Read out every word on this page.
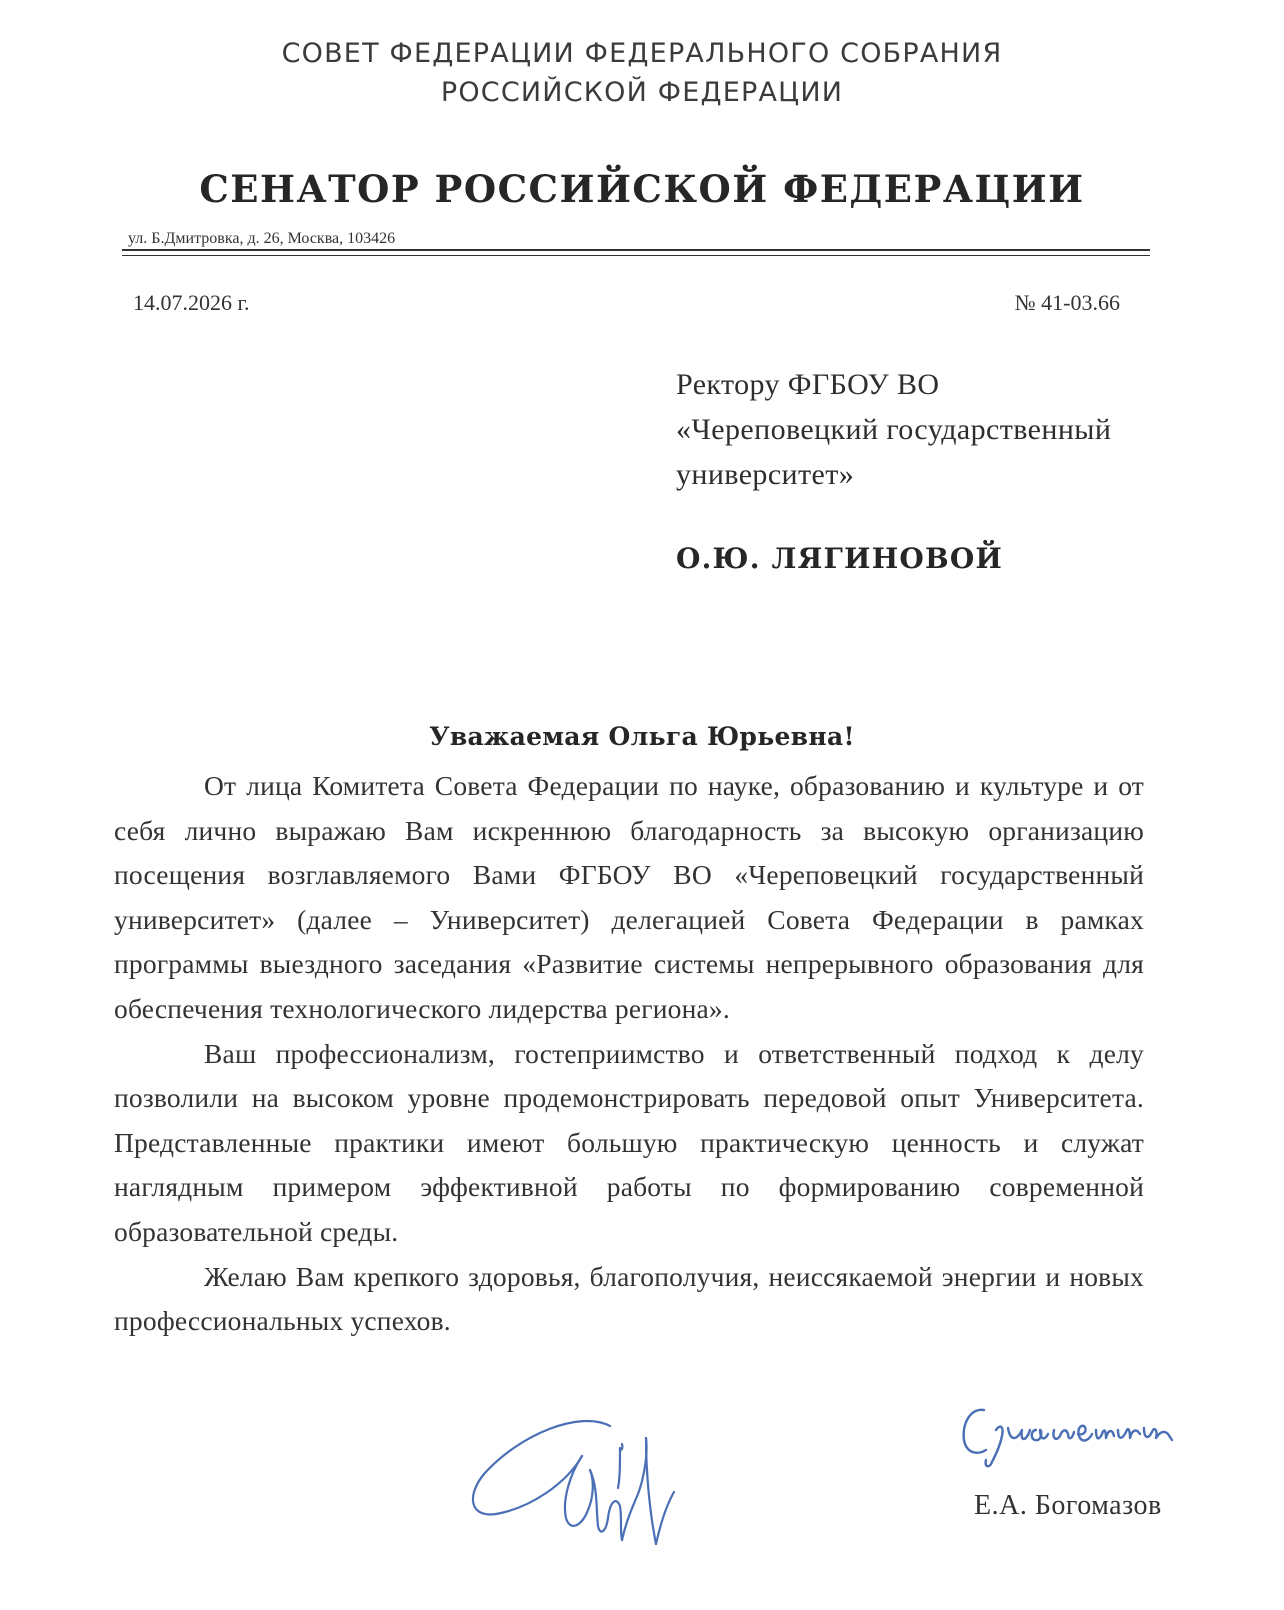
СОВЕТ ФЕДЕРАЦИИ ФЕДЕРАЛЬНОГО СОБРАНИЯ
РОССИЙСКОЙ ФЕДЕРАЦИИ
СЕНАТОР РОССИЙСКОЙ ФЕДЕРАЦИИ
ул. Б.Дмитровка, д. 26, Москва, 103426
14.07.2026 г.	№ 41-03.66
Ректору ФГБОУ ВО
«Череповецкий государственный
университет»
О.Ю. ЛЯГИНОВОЙ
Уважаемая Ольга Юрьевна!

От лица Комитета Совета Федерации по науке, образованию и культуре и от себя лично выражаю Вам искреннюю благодарность за высокую организацию посещения возглавляемого Вами ФГБОУ ВО «Череповецкий государственный университет» (далее – Университет) делегацией Совета Федерации в рамках программы выездного заседания «Развитие системы непрерывного образования для обеспечения технологического лидерства региона».

Ваш профессионализм, гостеприимство и ответственный подход к делу позволили на высоком уровне продемонстрировать передовой опыт Университета. Представленные практики имеют большую практическую ценность и служат наглядным примером эффективной работы по формированию современной образовательной среды.

Желаю Вам крепкого здоровья, благополучия, неиссякаемой энергии и новых профессиональных успехов.

Е.А. Богомазов
